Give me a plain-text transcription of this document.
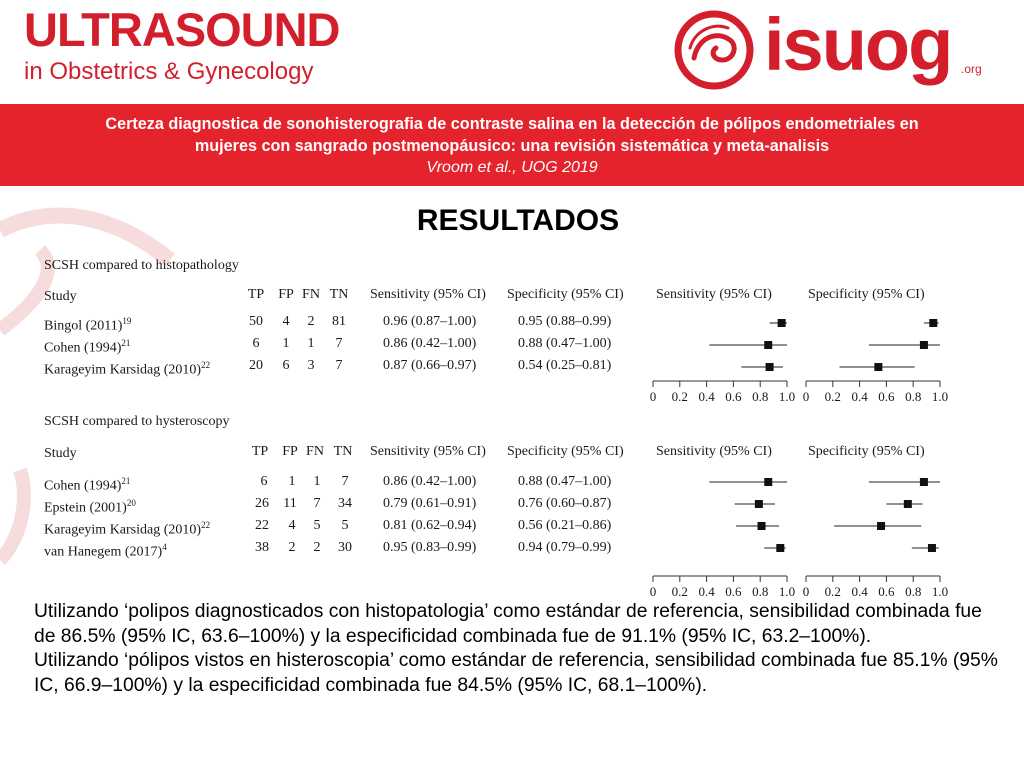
ULTRASOUND
in Obstetrics & Gynecology	isuog .org
Certeza diagnostica de sonohisterografia de contraste salina en la detección de pólipos endometriales en
mujeres con sangrado postmenopáusico: una revisión sistemática y meta-analisis
Vroom et al., UOG 2019
RESULTADOS
SCSH compared to histopathology
Study	TP	FP FN TN Sensitivity (95% CI) Specificity (95% CI) Sensitivity (95% CI)	Specificity (95% CI)
Bingol $(2011)^{19}$	50	4	2	81	0.96 (0.87–1.00)	0.95 (0.88–0.99)
Cohen $(1994)^{21}$	6	1	1	7	0.86 (0.42–1.00)	0.88 (0.47–1.00)
Karageyim Karsidag $(2010)^{22}$	20	6	3	7	0.87 (0.66–0.97)	0.54 (0.25–0.81)
SCSH compared to hysteroscopy
Study	TP	FP FN TN Sensitivity (95% CI) Specificity (95% CI) Sensitivity (95% CI)	Specificity (95% CI)
Cohen $(1994)^{21}$	6	1	1	7	0.86 (0.42–1.00)	0.88 (0.47–1.00)
Epstein $(2001)^{20}$	26	11	7	34	0.79 (0.61–0.91)	0.76 (0.60–0.87)
Karageyim Karsidag $(2010)^{22}$	22	4	5	5	0.81 (0.62–0.94)	0.56 (0.21–0.86)
van Hanegem $(2017)^4$	38	2	2	30	0.95 (0.83–0.99)	0.94 (0.79–0.99)
0 0.2 0.4 0.6 0.8 1.0 0 0.2 0.4 0.6 0.8 1.0
0 0.2 0.4 0.6 0.8 1.0 0 0.2 0.4 0.6 0.8 1.0

Utilizando ‘polipos diagnosticados con histopatologia’ como estándar de referencia, sensibilidad combinada fue de 86.5% (95% IC, 63.6–100%) y la especificidad combinada fue de 91.1% (95% IC, 63.2–100%).

Utilizando ‘pólipos vistos en histeroscopia’ como estándar de referencia, sensibilidad combinada fue 85.1% (95% IC, 66.9–100%) y la especificidad combinada fue 84.5% (95% IC, 68.1–100%).
